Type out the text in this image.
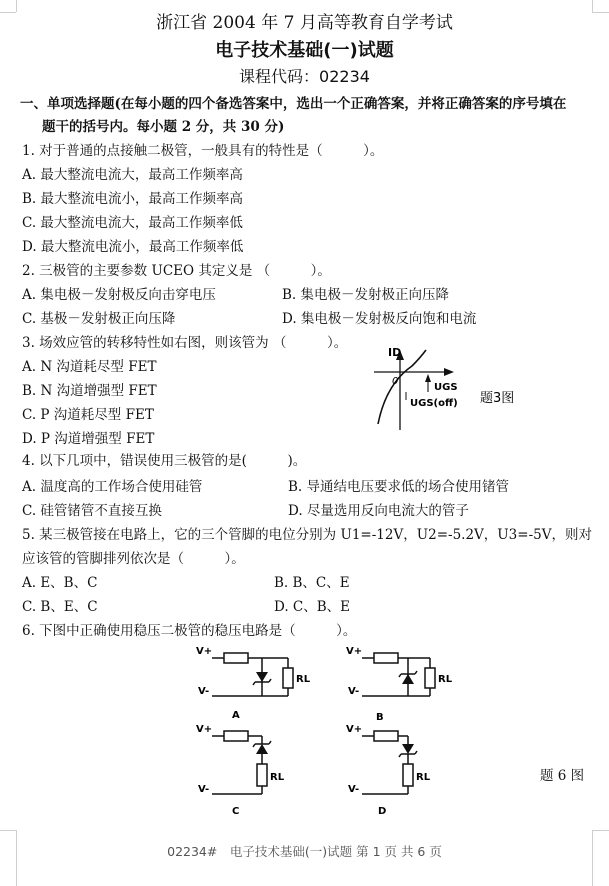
浙江省 2004 年 7 月高等教育自学考试
电子技术基础(一)试题
课程代码：02234
一、单项选择题(在每小题的四个备选答案中，选出一个正确答案，并将正确答案的序号填在
题干的括号内。每小题 2 分，共 30 分)
1. 对于普通的点接触二极管，一般具有的特性是（　　　）。
A. 最大整流电流大，最高工作频率高
B. 最大整流电流小，最高工作频率高
C. 最大整流电流大，最高工作频率低
D. 最大整流电流小，最高工作频率低
2. 三极管的主要参数 UCEO 其定义是 （　　　）。
A. 集电极－发射极反向击穿电压	B. 集电极－发射极正向压降
C. 基极－发射极正向压降	D. 集电极－发射极反向饱和电流
3. 场效应管的转移特性如右图，则该管为 （　　　）。
A. N 沟道耗尽型 FET
B. N 沟道增强型 FET
C. P 沟道耗尽型 FET
D. P 沟道增强型 FET
ID
0
UGS
UGS(off) 题3图
4. 以下几项中，错误使用三极管的是(　　　)。
A. 温度高的工作场合使用硅管	B. 导通结电压要求低的场合使用锗管
C. 硅管锗管不直接互换	D. 尽量选用反向电流大的管子
5. 某三极管接在电路上，它的三个管脚的电位分别为 U1=-12V，U2=-5.2V，U3=-5V，则对
应该管的管脚排列依次是（　　　）。
A. E、B、C	B. B、C、E
C. B、E、C	D. C、B、E
6. 下图中正确使用稳压二极管的稳压电路是（　　　）。
V+
V-
RL
A
V+
V-
RL
B
V+
V-
RL
C
V+
V-
RL
D
题 6 图
02234#　电子技术基础(一)试题 第 1 页 共 6 页
